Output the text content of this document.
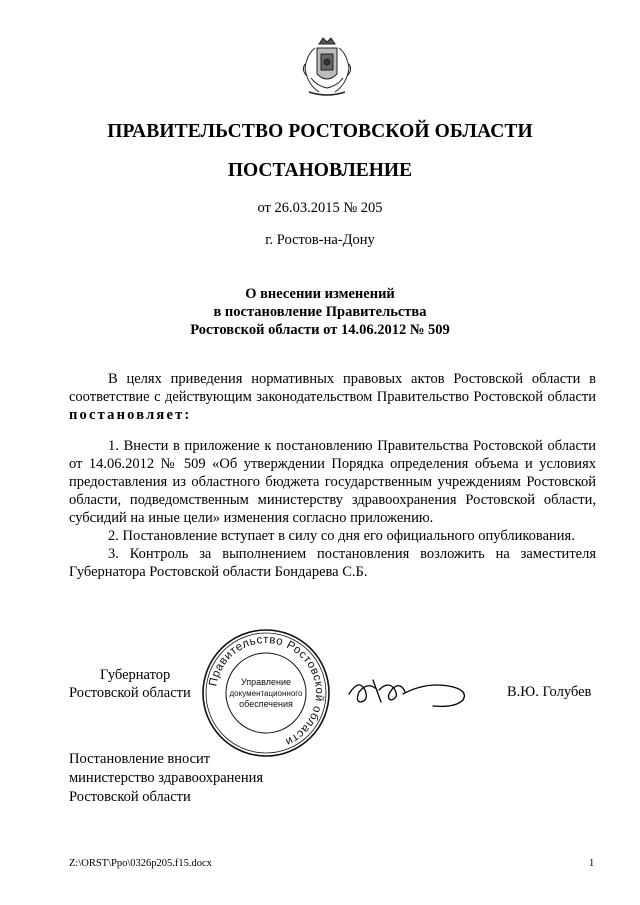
ПРАВИТЕЛЬСТВО РОСТОВСКОЙ ОБЛАСТИ
ПОСТАНОВЛЕНИЕ
от 26.03.2015 № 205
г. Ростов-на-Дону
О внесении изменений
в постановление Правительства
Ростовской области от 14.06.2012 № 509

В целях приведения нормативных правовых актов Ростовской области в соответствие с действующим законодательством Правительство Ростовской области постановляет:

1. Внести в приложение к постановлению Правительства Ростовской области от 14.06.2012 № 509 «Об утверждении Порядка определения объема и условиях предоставления из областного бюджета государственным учреждениям Ростовской области, подведомственным министерству здравоохранения Ростовской области, субсидий на иные цели» изменения согласно приложению.

2. Постановление вступает в силу со дня его официального опубликования.

3. Контроль за выполнением постановления возложить на заместителя Губернатора Ростовской области Бондарева С.Б.

Губернатор
Ростовской области
Правительство Ростовской области
Управление
документационного
обеспечения
В.Ю. Голубев
Постановление вносит
министерство здравоохранения
Ростовской области
Z:\ORST\Ppo\0326p205.f15.docx	1
